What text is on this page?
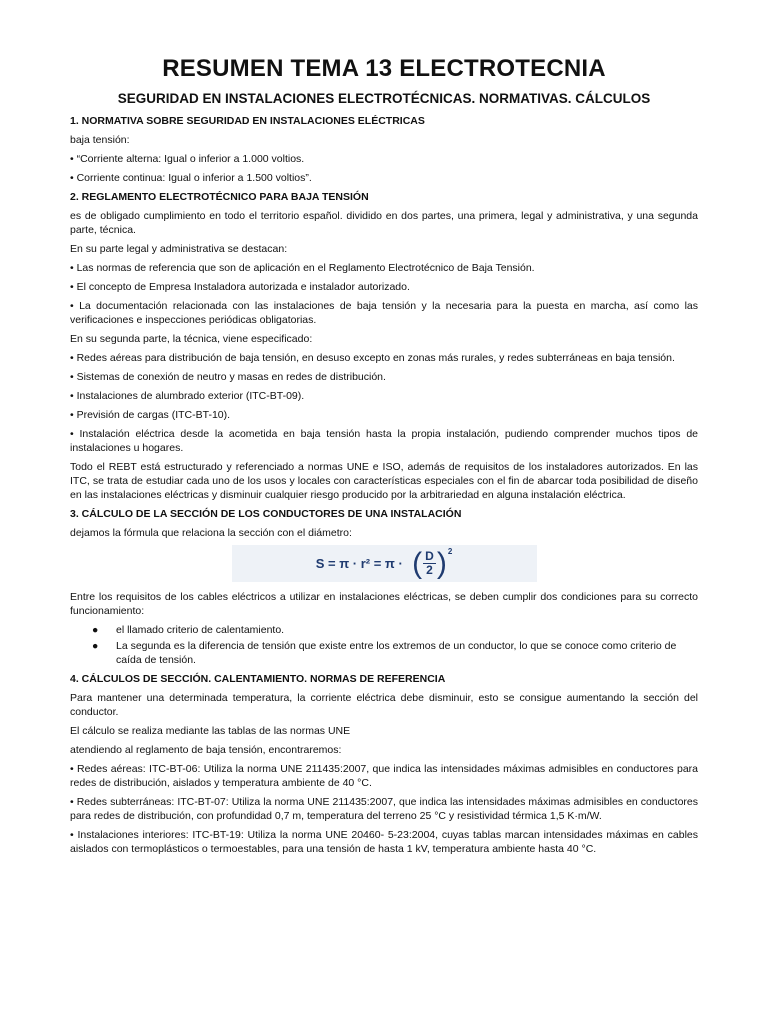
RESUMEN TEMA 13 ELECTROTECNIA
SEGURIDAD EN INSTALACIONES ELECTROTÉCNICAS. NORMATIVAS. CÁLCULOS
1. NORMATIVA SOBRE SEGURIDAD EN INSTALACIONES ELÉCTRICAS

baja tensión:

• “Corriente alterna: Igual o inferior a 1.000 voltios.

• Corriente continua: Igual o inferior a 1.500 voltios”.

2. REGLAMENTO ELECTROTÉCNICO PARA BAJA TENSIÓN

es de obligado cumplimiento en todo el territorio español. dividido en dos partes, una primera, legal y administrativa, y una segunda parte, técnica.

En su parte legal y administrativa se destacan:

• Las normas de referencia que son de aplicación en el Reglamento Electrotécnico de Baja Tensión.

• El concepto de Empresa Instaladora autorizada e instalador autorizado.

• La documentación relacionada con las instalaciones de baja tensión y la necesaria para la puesta en marcha, así como las verificaciones e inspecciones periódicas obligatorias.

En su segunda parte, la técnica, viene especificado:

• Redes aéreas para distribución de baja tensión, en desuso excepto en zonas más rurales, y redes subterráneas en baja tensión.

• Sistemas de conexión de neutro y masas en redes de distribución.

• Instalaciones de alumbrado exterior (ITC-BT-09).

• Previsión de cargas (ITC-BT-10).

• Instalación eléctrica desde la acometida en baja tensión hasta la propia instalación, pudiendo comprender muchos tipos de instalaciones u hogares.

Todo el REBT está estructurado y referenciado a normas UNE e ISO, además de requisitos de los instaladores autorizados. En las ITC, se trata de estudiar cada uno de los usos y locales con características especiales con el fin de abarcar toda posibilidad de diseño en las instalaciones eléctricas y disminuir cualquier riesgo producido por la arbitrariedad en alguna instalación eléctrica.

3. CÁLCULO DE LA SECCIÓN DE LOS CONDUCTORES DE UNA INSTALACIÓN

dejamos la fórmula que relaciona la sección con el diámetro:

S = π · r² = π · ( $\frac{D}{2}$ ) 2

Entre los requisitos de los cables eléctricos a utilizar en instalaciones eléctricas, se deben cumplir dos condiciones para su correcto funcionamiento:

● el llamado criterio de calentamiento.
● La segunda es la diferencia de tensión que existe entre los extremos de un conductor, lo que se conoce como criterio de caída de tensión.
4. CÁLCULOS DE SECCIÓN. CALENTAMIENTO. NORMAS DE REFERENCIA

Para mantener una determinada temperatura, la corriente eléctrica debe disminuir, esto se consigue aumentando la sección del conductor.

El cálculo se realiza mediante las tablas de las normas UNE

atendiendo al reglamento de baja tensión, encontraremos:

• Redes aéreas: ITC-BT-06: Utiliza la norma UNE 211435:2007, que indica las intensidades máximas admisibles en conductores para redes de distribución, aislados y temperatura ambiente de 40 °C.

• Redes subterráneas: ITC-BT-07: Utiliza la norma UNE 211435:2007, que indica las intensidades máximas admisibles en conductores para redes de distribución, con profundidad 0,7 m, temperatura del terreno 25 °C y resistividad térmica 1,5 K·m/W.

• Instalaciones interiores: ITC-BT-19: Utiliza la norma UNE 20460- 5-23:2004, cuyas tablas marcan intensidades máximas en cables aislados con termoplásticos o termoestables, para una tensión de hasta 1 kV, temperatura ambiente hasta 40 °C.
